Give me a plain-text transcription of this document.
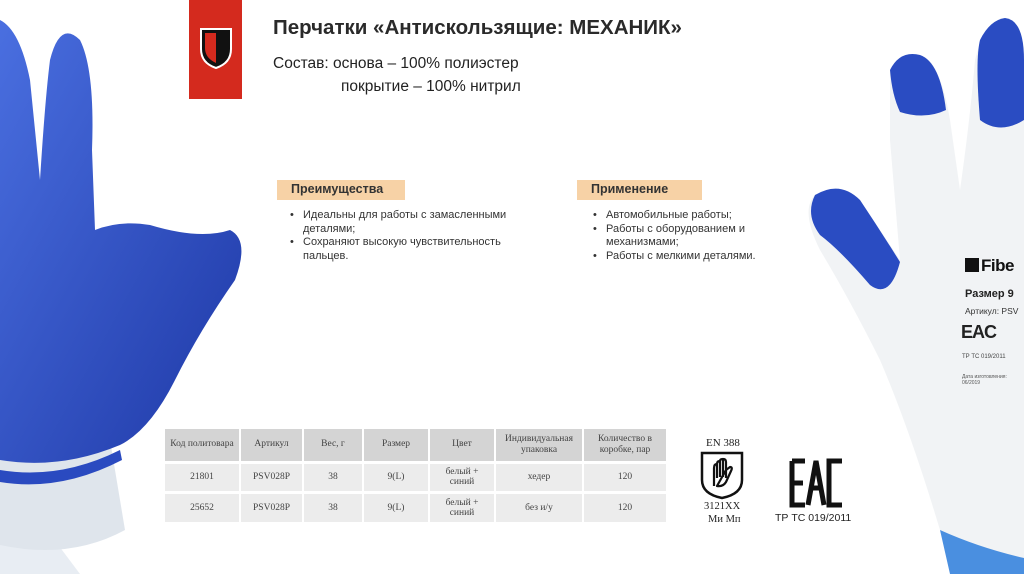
Перчатки «Антискользящие: МЕХАНИК»
Состав: основа – 100% полиэстер
покрытие – 100% нитрил
Преимущества
• Идеальны для работы с замасленными деталями;
• Сохраняют высокую чувствительность пальцев.
Применение
• Автомобильные работы;
• Работы с оборудованием и механизмами;
• Работы с мелкими деталями.
Код политовара	Артикул	Вес, г	Размер	Цвет	Индивидуальная упаковка	Количество в коробке, пар
21801	PSV028P	38	9(L)	белый + синий	хедер	120
25652	PSV028P	38	9(L)	белый + синий	без и/у	120
EN 388
3121XX
Ми Мп	ТР ТС 019/2011
Fibe
Размер 9
Артикул: PSV
EAC
ТР ТС 019/2011
Дата изготовления:
06/2019
